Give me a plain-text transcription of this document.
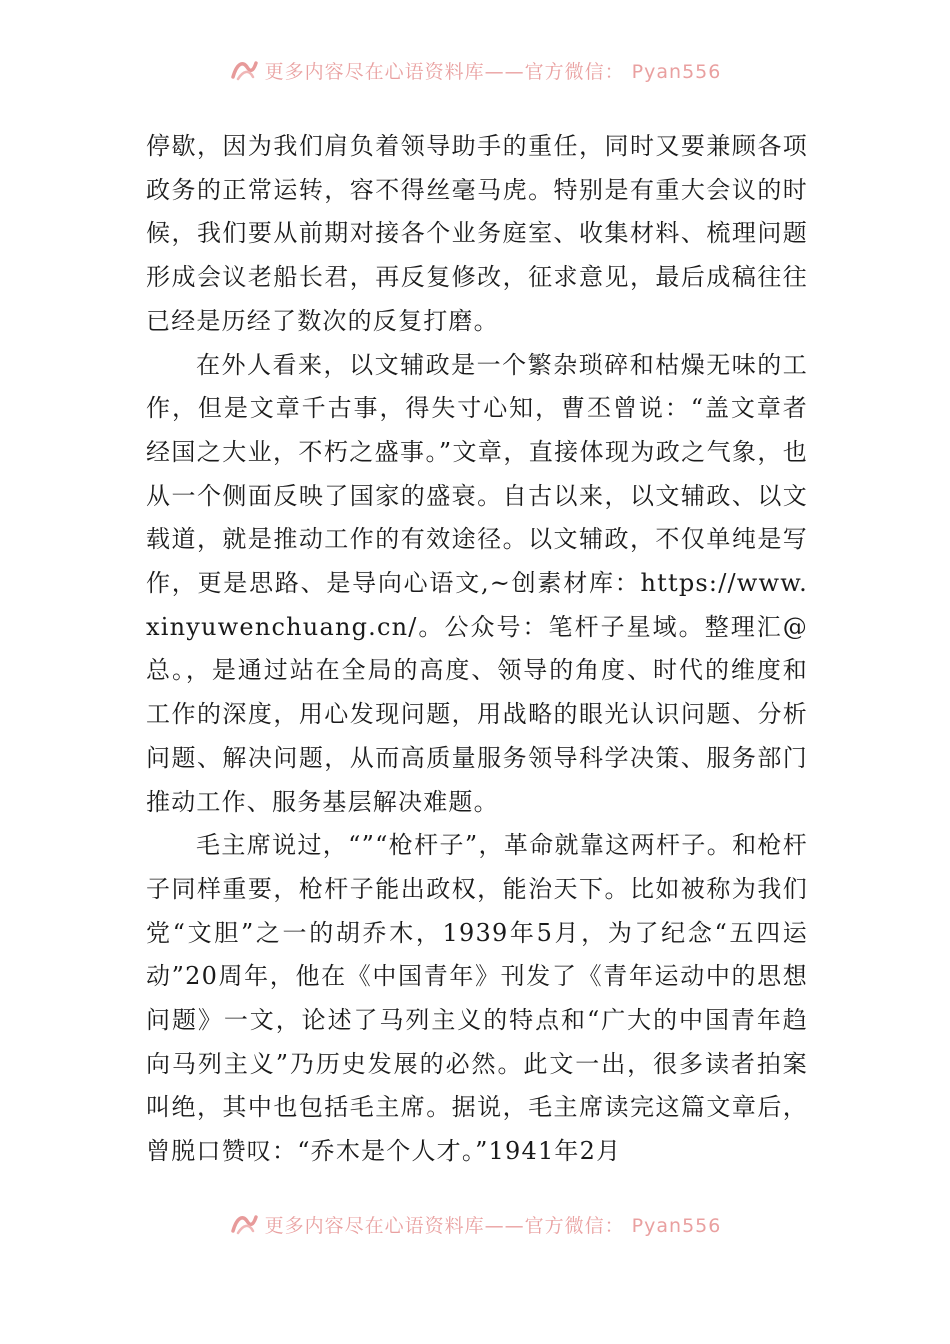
更多内容尽在心语资料库——官方微信： Pyan556

停歇，因为我们肩负着领导助手的重任，同时又要兼顾各项政务的正常运转，容不得丝毫马虎。特别是有重大会议的时候，我们要从前期对接各个业务庭室、收集材料、梳理问题形成会议老船长君，再反复修改，征求意见，最后成稿往往已经是历经了数次的反复打磨。

在外人看来，以文辅政是一个繁杂琐碎和枯燥无味的工作，但是文章千古事，得失寸心知，曹丕曾说：“盖文章者经国之大业，不朽之盛事。”文章，直接体现为政之气象，也从一个侧面反映了国家的盛衰。自古以来，以文辅政、以文载道，就是推动工作的有效途径。以文辅政，不仅单纯是写作，更是思路、是导向心语文,~创素材库：https://www.xinyuwenchuang.cn/。公众号：笔杆子星域。整理汇@总。，是通过站在全局的高度、领导的角度、时代的维度和工作的深度，用心发现问题，用战略的眼光认识问题、分析问题、解决问题，从而高质量服务领导科学决策、服务部门推动工作、服务基层解决难题。

毛主席说过，“”“枪杆子”，革命就靠这两杆子。和枪杆子同样重要，枪杆子能出政权，能治天下。比如被称为我们党“文胆”之一的胡乔木，1939年5月，为了纪念“五四运动”20周年，他在《中国青年》刊发了《青年运动中的思想问题》一文，论述了马列主义的特点和“广大的中国青年趋向马列主义”乃历史发展的必然。此文一出，很多读者拍案叫绝，其中也包括毛主席。据说，毛主席读完这篇文章后，曾脱口赞叹：“乔木是个人才。”1941年2月

更多内容尽在心语资料库——官方微信： Pyan556
